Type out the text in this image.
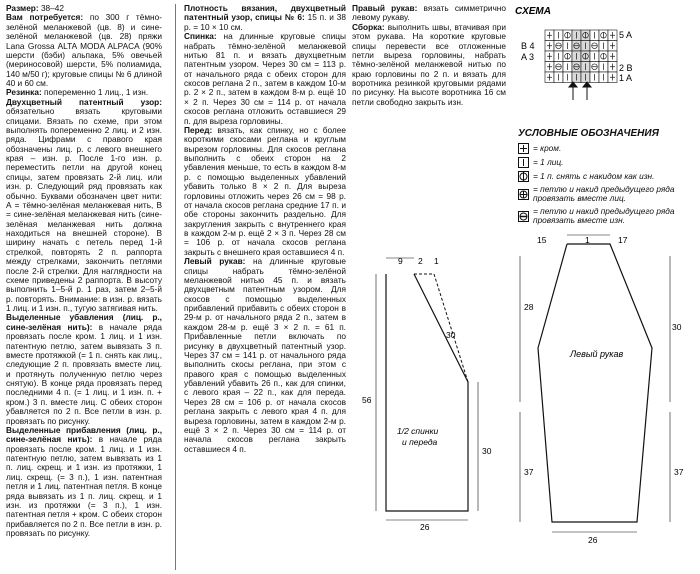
Размер: 38–42

Вам потребуется: по 300 г тёмно-зелёной меланжевой (цв. 8) и сине-зелёной меланжевой (цв. 28) пряжи Lana Grossa ALTA MODA ALPACA (90% шерсти (бэби) альпака, 5% овечьей (мериносовой) шерсти, 5% полиамида, 140 м/50 г); круговые спицы № 6 длиной 40 и 60 см.

Резинка: попеременно 1 лиц., 1 изн.

Двухцветный патентный узор: обязательно вязать круговыми спицами. Вязать по схеме, при этом выполнять попеременно 2 лиц. и 2 изн. ряда. Цифрами с правого края обозначены лиц. р. с левого внешнего края – изн. р. После 1-го изн. р. переместить петли на другой конец спицы, затем провязать 2-й лиц. или изн. р. Следующий ряд провязать как обычно. Буквами обозначен цвет нити: А = тёмно-зелёная меланжевая нить, В = сине-зелёная меланжевая нить (сине-зелёная меланжевая нить должна находиться на внешней стороне). В ширину начать с петель перед 1-й стрелкой, повторять 2 п. раппорта между стрелками, закончить петлями после 2-й стрелки. Для наглядности на схеме приведены 2 раппорта. В высоту выполнить 1–5-й р. 1 раз, затем 2–5-й р. повторять. Внимание: в изн. р. вязать 1 лиц. и 1 изн. п., тугую затягивая нить.

Выделенные убавления (лиц. р., сине-зелёная нить): в начале ряда провязать после кром. 1 лиц. и 1 изн. патентную петлю, затем вывязать 3 п. вместе протяжкой (= 1 п. снять как лиц., следующие 2 п. провязать вместе лиц. и протянуть полученную петлю через снятую). В конце ряда провязать перед последними 4 п. (= 1 лиц. и 1 изн. п. + кром.) 3 п. вместе лиц. С обеих сторон убавляется по 2 п. Все петли в изн. р. провязать по рисунку.

Выделенные прибавления (лиц. р., сине-зелёная нить): в начале ряда провязать после кром. 1 лиц. и 1 изн. патентную петлю, затем вывязать из 1 п. лиц. скрещ. и 1 изн. из протяжки, 1 лиц. скрещ. (= 3 п.), 1 изн. патентная петля и 1 лиц. патентная петля. В конце ряда вывязать из 1 п. лиц. скрещ. и 1 изн. из протяжки (= 3 п.), 1 изн. патентная петля + кром. С обеих сторон прибавляется по 2 п. Все петли в изн. р. провязать по рисунку.

Плотность вязания, двухцветный патентный узор, спицы № 6: 15 п. и 38 р. = 10 × 10 см.

Спинка: на длинные круговые спицы набрать тёмно-зелёной меланжевой нитью 81 п. и вязать двухцветным патентным узором. Через 30 см = 113 р. от начального ряда с обеих сторон для скосов реглана 2 п., затем в каждом 10-м р. 2 × 2 п., затем в каждом 8-м р. ещё 10 × 2 п. Через 30 см = 114 р. от начала скосов реглана отложить оставшиеся 29 п. для выреза горловины.

Перед: вязать, как спинку, но с более короткими скосами реглана и круглым вырезом горловины. Для скосов реглана выполнить с обеих сторон на 2 убавления меньше, то есть в каждом 8-м р. с помощью выделенных убавлений убавить только 8 × 2 п. Для выреза горловины отложить через 26 см = 98 р. от начала скосов реглана средние 17 п. и обе стороны закончить раздельно. Для закругления закрыть с внутреннего края в каждом 2-м р. ещё 2 × 3 п. Через 28 см = 106 р. от начала скосов реглана закрыть с внешнего края оставшиеся 4 п.

Левый рукав: на длинные круговые спицы набрать тёмно-зелёной меланжевой нитью 45 п. и вязать двухцветным патентным узором. Для скосов с помощью выделенных прибавлений прибавить с обеих сторон в 29-м р. от начального ряда 2 п., затем в каждом 28-м р. ещё 3 × 2 п. = 61 п. Прибавленные петли включать по рисунку в двухцветный патентный узор. Через 37 см = 141 р. от начального ряда выполнить скосы реглана, при этом с правого края с помощью выделенных убавлений убавить 26 п., как для спинки, с левого края – 22 п., как для переда. Через 28 см = 106 р. от начала скосов реглана закрыть с левого края 4 п. для выреза горловины, затем в каждом 2-м р. ещё 3 × 2 п. Через 30 см = 114 р. от начала скосов реглана закрыть оставшиеся 4 п.

СХЕМА
B 4
A 3
5 A
2 B
1 A
УСЛОВНЫЕ ОБОЗНАЧЕНИЯ
= кром.
= 1 лиц.
= 1 п. снять с накидом как изн.
= петлю и накид предыдущего ряда провязать вместе лиц.
= петлю и накид предыдущего ряда провязать вместе изн.
9 2 1
56
30
30
26
1/2 спинки
и переда
15	1	17
28
30
37	37
26
Левый рукав

Правый рукав: вязать симметрично левому рукаву.

Сборка: выполнить швы, втачивая при этом рукава. На короткие круговые спицы перевести все отложенные петли выреза горловины, набрать тёмно-зелёной меланжевой нитью по краю горловины по 2 п. и вязать для воротника резинкой круговыми рядами по рисунку. На высоте воротника 16 см петли свободно закрыть изн.
